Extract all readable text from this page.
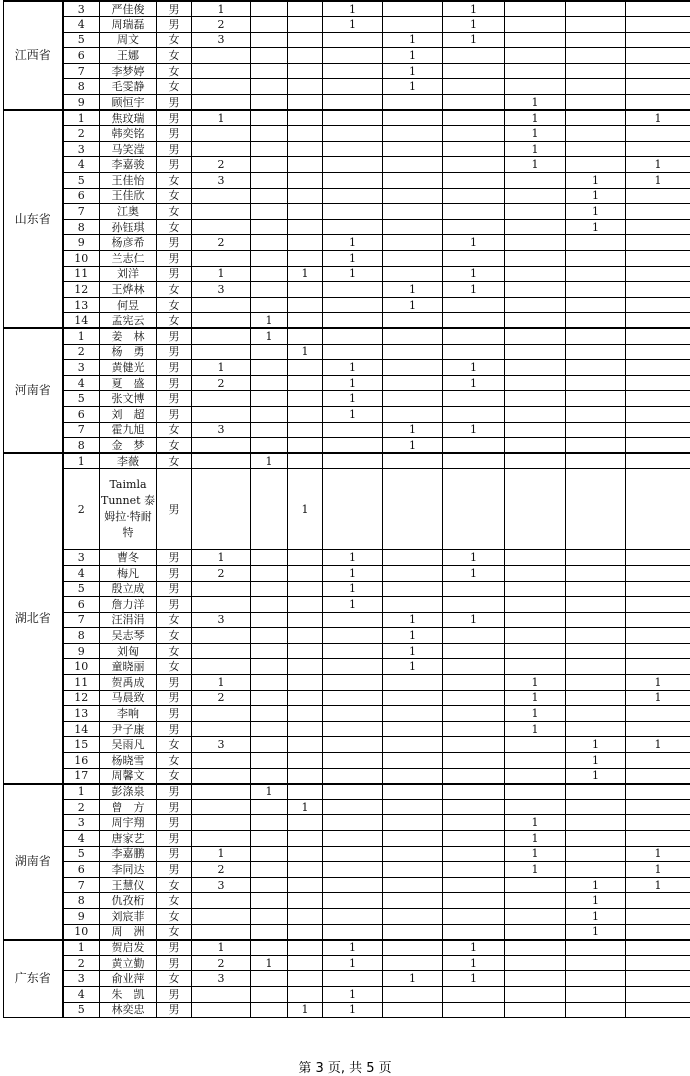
江西省	3	严佳俊	男	1			1		1			
	4	周瑞磊	男	2			1		1			
	5	周文	女	3				1	1			
	6	王娜	女					1				
	7	李梦婷	女					1				
	8	毛雯静	女					1				
	9	顾恒宇	男							1		
山东省	1	焦玟瑞	男	1						1		1
	2	韩奕铭	男							1		
	3	马笑滢	男							1		
	4	李嘉骏	男	2						1		1
	5	王佳怡	女	3							1	1
	6	王佳欣	女								1	
	7	江奥	女								1	
	8	孙钰琪	女								1	
	9	杨彦希	男	2			1		1			
	10	兰志仁	男				1					
	11	刘洋	男	1		1	1		1			
	12	王烨林	女	3				1	1			
	13	何昱	女					1				
	14	孟宪云	女		1							
河南省	1	姜　林	男		1							
	2	杨　勇	男			1						
	3	黄健光	男	1			1		1			
	4	夏　盛	男	2			1		1			
	5	张文博	男				1					
	6	刘　超	男				1					
	7	霍九旭	女	3				1	1			
	8	金　梦	女					1				
湖北省	1	李薇	女		1							
	2	Taimla Tunnet 泰姆拉·特耐特	男			1						
	3	曹冬	男	1			1		1			
	4	梅凡	男	2			1		1			
	5	殷立成	男				1					
	6	詹力洋	男				1					
	7	汪涓涓	女	3				1	1			
	8	吴志琴	女					1				
	9	刘匈	女					1				
	10	童晓丽	女					1				
	11	贺禹成	男	1						1		1
	12	马晨致	男	2						1		1
	13	李响	男							1		
	14	尹子康	男							1		
	15	吴雨凡	女	3							1	1
	16	杨晓雪	女								1	
	17	周馨文	女								1	
湖南省	1	彭涤泉	男		1							
	2	曾　方	男			1						
	3	周宇翔	男							1		
	4	唐家艺	男							1		
	5	李嘉鹏	男	1						1		1
	6	李同达	男	2						1		1
	7	王慧仪	女	3							1	1
	8	仇孜桁	女								1	
	9	刘宸菲	女								1	
	10	周　洲	女								1	
广东省	1	贺启发	男	1			1		1			
	2	黄立勤	男	2	1		1		1			
	3	俞业萍	女	3				1	1			
	4	朱　凯	男				1					
	5	林奕忠	男			1	1					
第 3 页, 共 5 页
